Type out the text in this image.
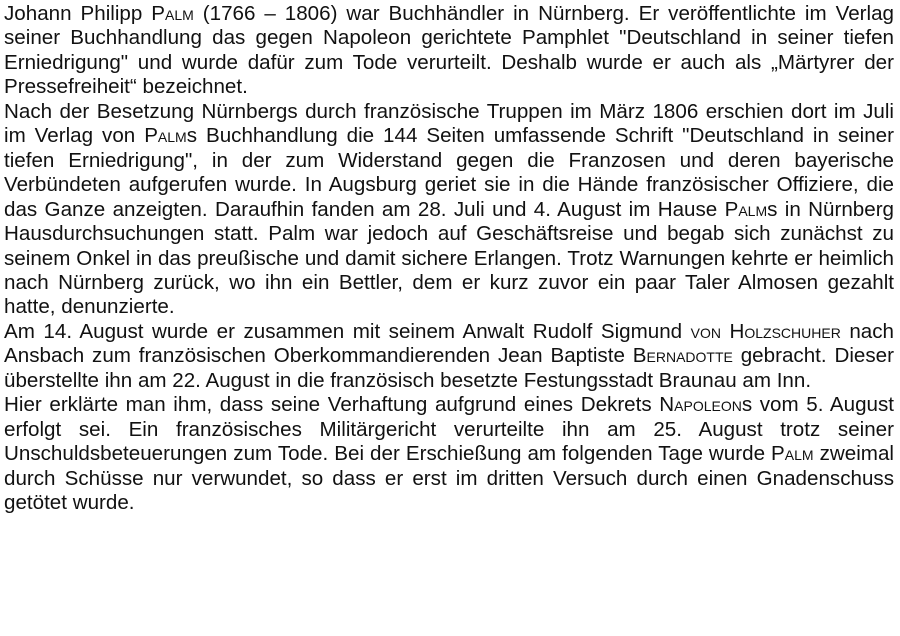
Johann Philipp Palm (1766 – 1806) war Buchhändler in Nürnberg. Er veröffentlichte im Verlag seiner Buchhandlung das gegen Napoleon gerichtete Pamphlet "Deutschland in seiner tiefen Erniedrigung" und wurde dafür zum Tode verurteilt. Deshalb wurde er auch als „Märtyrer der Pressefreiheit“ bezeichnet.

Nach der Besetzung Nürnbergs durch französische Truppen im März 1806 erschien dort im Juli im Verlag von Palms Buchhandlung die 144 Seiten umfassende Schrift "Deutschland in seiner tiefen Erniedrigung", in der zum Widerstand gegen die Franzosen und deren bayerische Verbündeten aufgerufen wurde. In Augsburg geriet sie in die Hände französischer Offiziere, die das Ganze anzeigten. Daraufhin fanden am 28. Juli und 4. August im Hause Palms in Nürnberg Hausdurchsuchungen statt. Palm war jedoch auf Geschäftsreise und begab sich zunächst zu seinem Onkel in das preußische und damit sichere Erlangen. Trotz Warnungen kehrte er heimlich nach Nürnberg zurück, wo ihn ein Bettler, dem er kurz zuvor ein paar Taler Almosen gezahlt hatte, denunzierte.

Am 14. August wurde er zusammen mit seinem Anwalt Rudolf Sigmund von Holzschuher nach Ansbach zum französischen Oberkommandierenden Jean Baptiste Bernadotte gebracht. Dieser überstellte ihn am 22. August in die französisch besetzte Festungsstadt Braunau am Inn.

Hier erklärte man ihm, dass seine Verhaftung aufgrund eines Dekrets Napoleons vom 5. August erfolgt sei. Ein französisches Militärgericht verurteilte ihn am 25. August trotz seiner Unschuldsbeteuerungen zum Tode. Bei der Erschießung am folgenden Tage wurde Palm zweimal durch Schüsse nur verwundet, so dass er erst im dritten Versuch durch einen Gnadenschuss getötet wurde.
